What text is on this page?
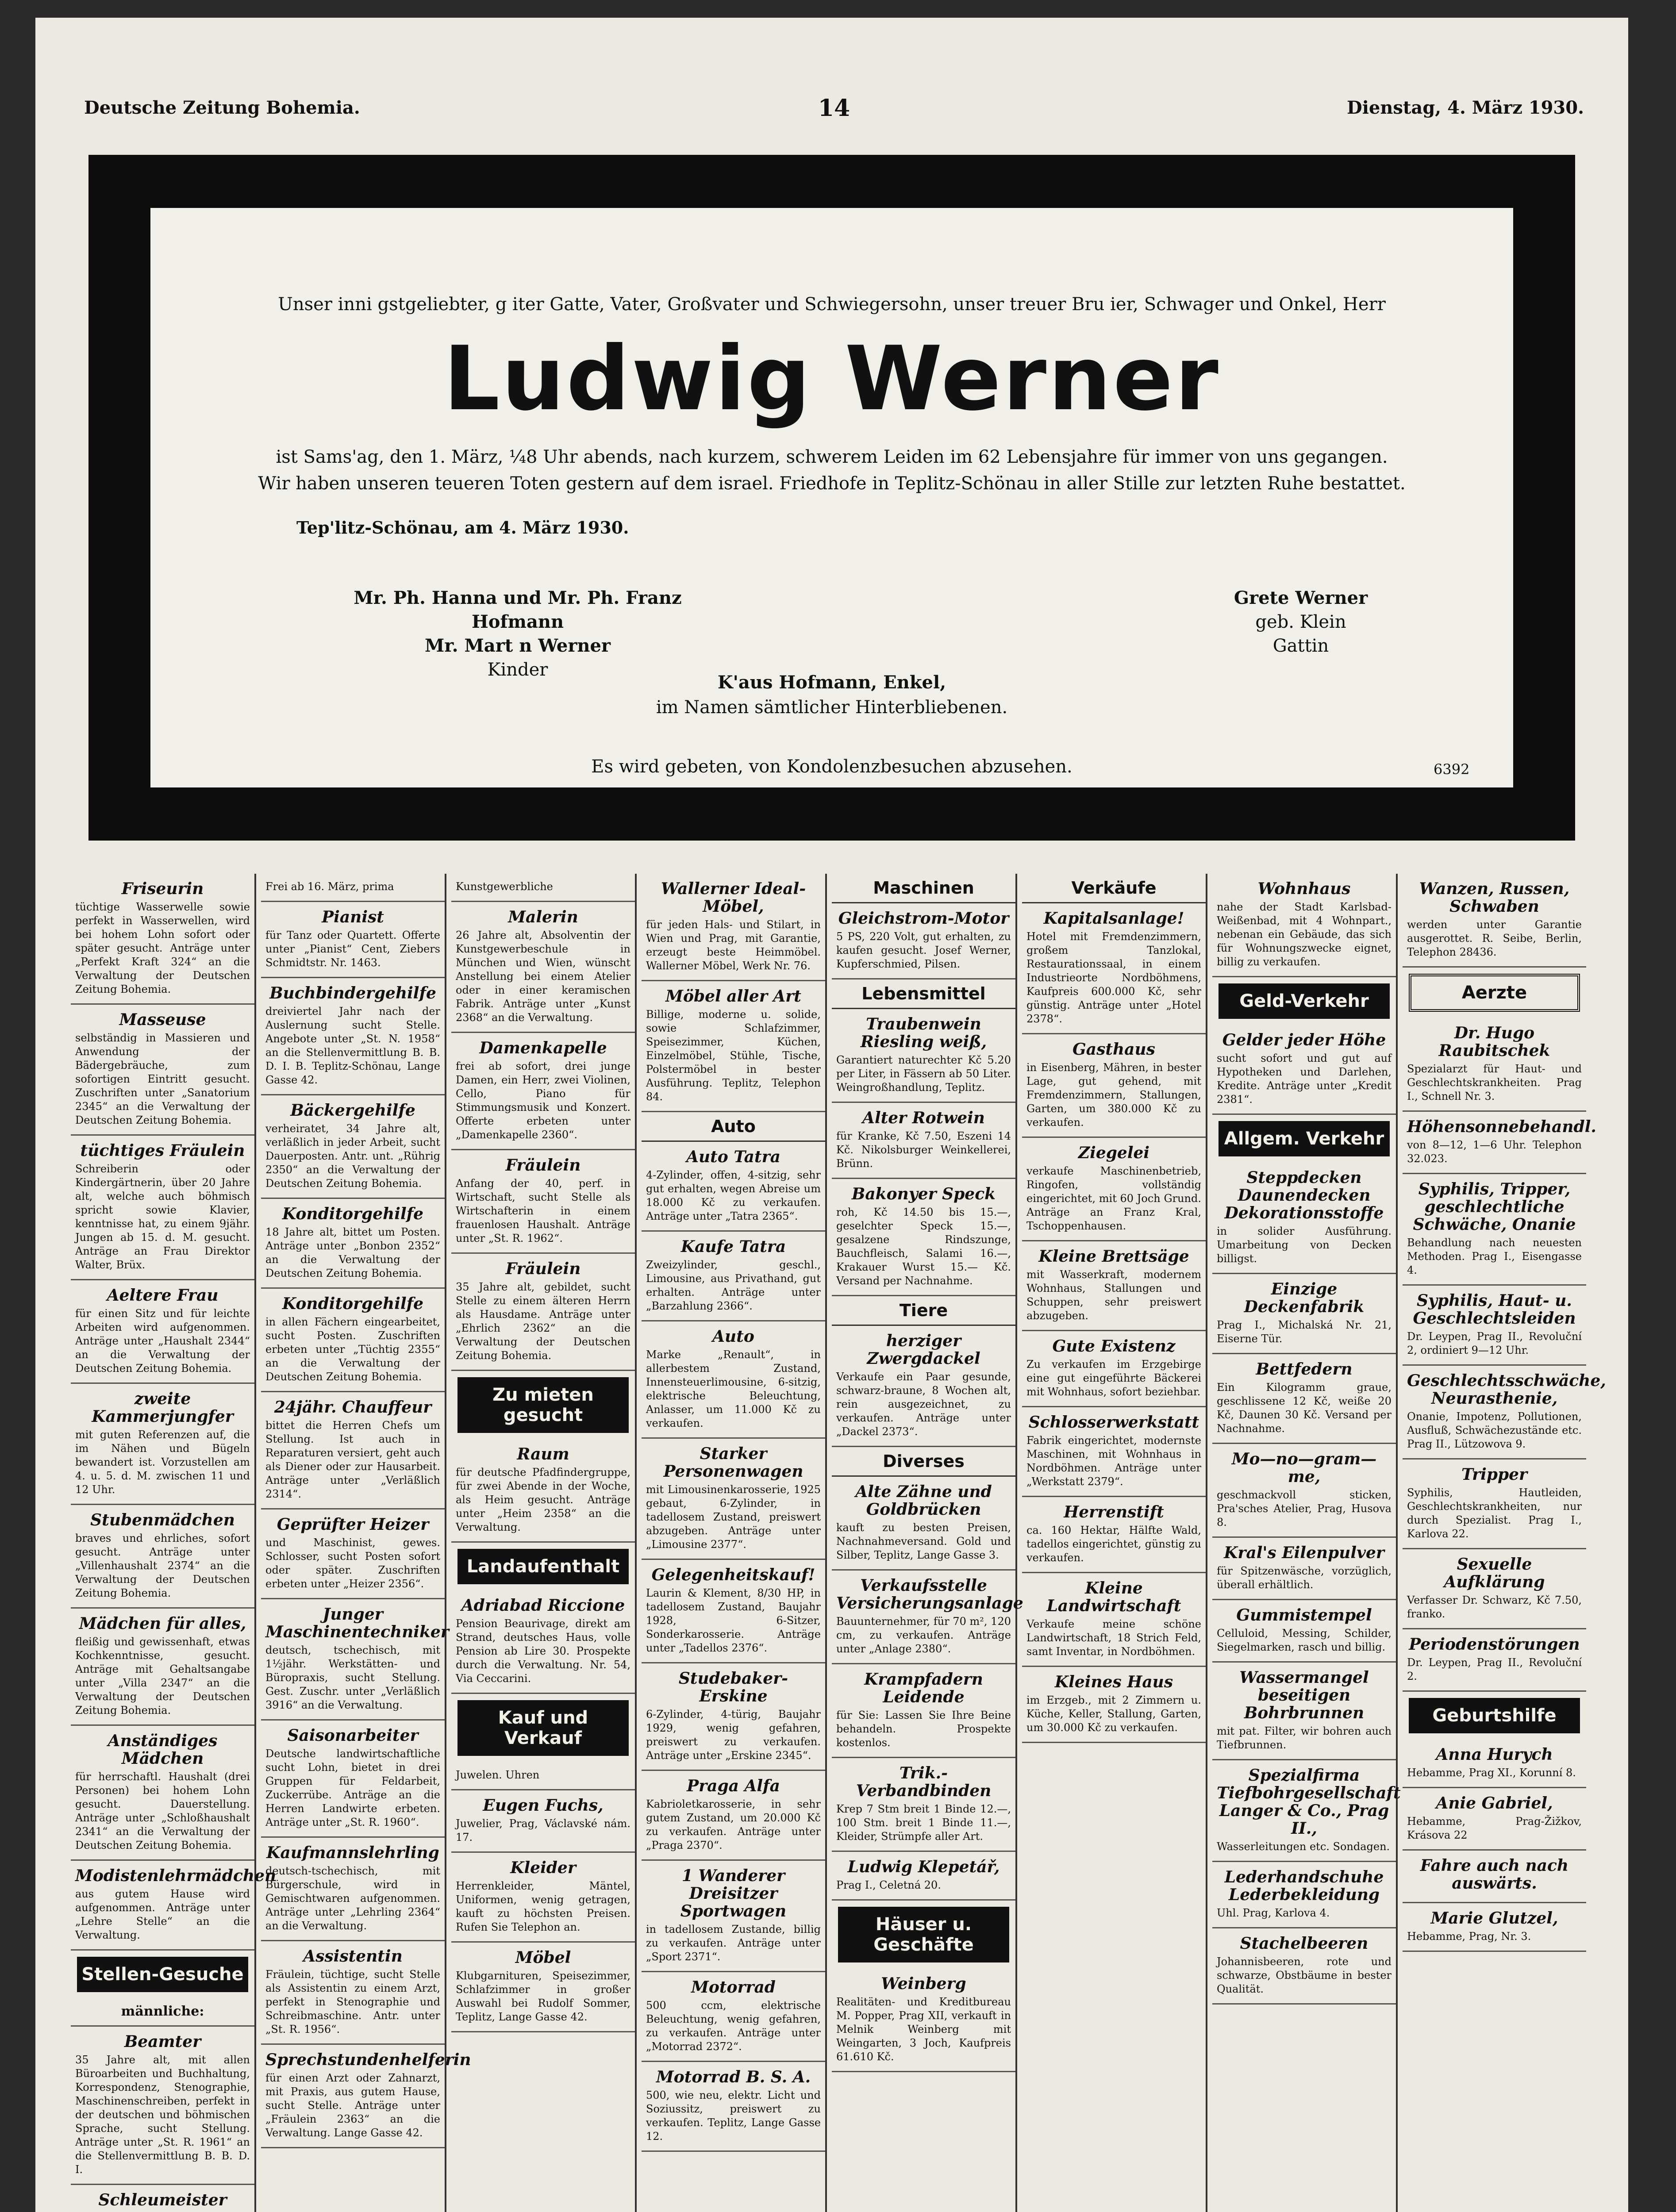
Deutsche Zeitung Bohemia.	14	Dienstag, 4. März 1930.
Unser inni gstgeliebter, g iter Gatte, Vater, Großvater und Schwiegersohn, unser treuer Bru ier, Schwager und Onkel, Herr
Ludwig Werner
ist Sams'ag, den 1. März, ¼8 Uhr abends, nach kurzem, schwerem Leiden im 62 Lebensjahre für immer von uns gegangen.
Wir haben unseren teueren Toten gestern auf dem israel. Friedhofe in Teplitz-Schönau in aller Stille zur letzten Ruhe bestattet.
Tep'litz-Schönau, am 4. März 1930.
Mr. Ph. Hanna und Mr. Ph. Franz Hofmann
Mr. Mart n Werner
Kinder
Grete Werner
geb. Klein
Gattin
K'aus Hofmann, Enkel,
im Namen sämtlicher Hinterbliebenen.
Es wird gebeten, von Kondolenzbesuchen abzusehen.	6392
Friseurin
tüchtige Wasserwelle sowie perfekt in Wasserwellen, wird bei hohem Lohn sofort oder später gesucht. Anträge unter „Perfekt Kraft 324“ an die Verwaltung der Deutschen Zeitung Bohemia.
Masseuse
selbständig in Massieren und Anwendung der Bädergebräuche, zum sofortigen Eintritt gesucht. Zuschriften unter „Sanatorium 2345“ an die Verwaltung der Deutschen Zeitung Bohemia.
tüchtiges Fräulein
Schreiberin oder Kindergärtnerin, über 20 Jahre alt, welche auch böhmisch spricht sowie Klavier, kenntnisse hat, zu einem 9jähr. Jungen ab 15. d. M. gesucht. Anträge an Frau Direktor Walter, Brüx.
Aeltere Frau
für einen Sitz und für leichte Arbeiten wird aufgenommen. Anträge unter „Haushalt 2344“ an die Verwaltung der Deutschen Zeitung Bohemia.
zweite Kammerjungfer
mit guten Referenzen auf, die im Nähen und Bügeln bewandert ist. Vorzustellen am 4. u. 5. d. M. zwischen 11 und 12 Uhr.
Stubenmädchen
braves und ehrliches, sofort gesucht. Anträge unter „Villenhaushalt 2374“ an die Verwaltung der Deutschen Zeitung Bohemia.
Mädchen für alles,
fleißig und gewissenhaft, etwas Kochkenntnisse, gesucht. Anträge mit Gehaltsangabe unter „Villa 2347“ an die Verwaltung der Deutschen Zeitung Bohemia.
Anständiges Mädchen
für herrschaftl. Haushalt (drei Personen) bei hohem Lohn gesucht. Dauerstellung. Anträge unter „Schloßhaushalt 2341“ an die Verwaltung der Deutschen Zeitung Bohemia.
Modistenlehrmädchen
aus gutem Hause wird aufgenommen. Anträge unter „Lehre Stelle“ an die Verwaltung.
Stellen-Gesuche
männliche:
Beamter
35 Jahre alt, mit allen Büroarbeiten und Buchhaltung, Korrespondenz, Stenographie, Maschinenschreiben, perfekt in der deutschen und böhmischen Sprache, sucht Stellung. Anträge unter „St. R. 1961“ an die Stellenvermittlung B. B. D. I.
Schleumeister
Frei ab 16. März, prima
Pianist
für Tanz oder Quartett. Offerte unter „Pianist“ Cent, Ziebers Schmidtstr. Nr. 1463.
Buchbindergehilfe
dreiviertel Jahr nach der Auslernung sucht Stelle. Angebote unter „St. N. 1958“ an die Stellenvermittlung B. B. D. I. B. Teplitz-Schönau, Lange Gasse 42.
Bäckergehilfe
verheiratet, 34 Jahre alt, verläßlich in jeder Arbeit, sucht Dauerposten. Antr. unt. „Rührig 2350“ an die Verwaltung der Deutschen Zeitung Bohemia.
Konditorgehilfe
18 Jahre alt, bittet um Posten. Anträge unter „Bonbon 2352“ an die Verwaltung der Deutschen Zeitung Bohemia.
Konditorgehilfe
in allen Fächern eingearbeitet, sucht Posten. Zuschriften erbeten unter „Tüchtig 2355“ an die Verwaltung der Deutschen Zeitung Bohemia.
24jähr. Chauffeur
bittet die Herren Chefs um Stellung. Ist auch in Reparaturen versiert, geht auch als Diener oder zur Hausarbeit. Anträge unter „Verläßlich 2314“.
Geprüfter Heizer
und Maschinist, gewes. Schlosser, sucht Posten sofort oder später. Zuschriften erbeten unter „Heizer 2356“.
Junger Maschinentechniker
deutsch, tschechisch, mit 1½jähr. Werkstätten- und Büropraxis, sucht Stellung. Gest. Zuschr. unter „Verläßlich 3916“ an die Verwaltung.
Saisonarbeiter
Deutsche landwirtschaftliche sucht Lohn, bietet in drei Gruppen für Feldarbeit, Zuckerrübe. Anträge an die Herren Landwirte erbeten. Anträge unter „St. R. 1960“.
Kaufmannslehrling
deutsch-tschechisch, mit Bürgerschule, wird in Gemischtwaren aufgenommen. Anträge unter „Lehrling 2364“ an die Verwaltung.
Assistentin
Fräulein, tüchtige, sucht Stelle als Assistentin zu einem Arzt, perfekt in Stenographie und Schreibmaschine. Antr. unter „St. R. 1956“.
Sprechstundenhelferin
für einen Arzt oder Zahnarzt, mit Praxis, aus gutem Hause, sucht Stelle. Anträge unter „Fräulein 2363“ an die Verwaltung. Lange Gasse 42.
Kunstgewerbliche
Malerin
26 Jahre alt, Absolventin der Kunstgewerbeschule in München und Wien, wünscht Anstellung bei einem Atelier oder in einer keramischen Fabrik. Anträge unter „Kunst 2368“ an die Verwaltung.
Damenkapelle
frei ab sofort, drei junge Damen, ein Herr, zwei Violinen, Cello, Piano für Stimmungsmusik und Konzert. Offerte erbeten unter „Damenkapelle 2360“.
Fräulein
Anfang der 40, perf. in Wirtschaft, sucht Stelle als Wirtschafterin in einem frauenlosen Haushalt. Anträge unter „St. R. 1962“.
Fräulein
35 Jahre alt, gebildet, sucht Stelle zu einem älteren Herrn als Hausdame. Anträge unter „Ehrlich 2362“ an die Verwaltung der Deutschen Zeitung Bohemia.
Zu mieten gesucht
Raum
für deutsche Pfadfindergruppe, für zwei Abende in der Woche, als Heim gesucht. Anträge unter „Heim 2358“ an die Verwaltung.
Landaufenthalt
Adriabad Riccione
Pension Beaurivage, direkt am Strand, deutsches Haus, volle Pension ab Lire 30. Prospekte durch die Verwaltung. Nr. 54, Via Ceccarini.
Kauf und Verkauf
Juwelen. Uhren
Eugen Fuchs,
Juwelier, Prag, Václavské nám. 17.
Kleider
Herrenkleider, Mäntel, Uniformen, wenig getragen, kauft zu höchsten Preisen. Rufen Sie Telephon an.
Möbel
Klubgarnituren, Speisezimmer, Schlafzimmer in großer Auswahl bei Rudolf Sommer, Teplitz, Lange Gasse 42.
Wallerner Ideal-Möbel,
für jeden Hals- und Stilart, in Wien und Prag, mit Garantie, erzeugt beste Heimmöbel. Wallerner Möbel, Werk Nr. 76.
Möbel aller Art
Billige, moderne u. solide, sowie Schlafzimmer, Speisezimmer, Küchen, Einzelmöbel, Stühle, Tische, Polstermöbel in bester Ausführung. Teplitz, Telephon 84.
Auto
Auto Tatra
4-Zylinder, offen, 4-sitzig, sehr gut erhalten, wegen Abreise um 18.000 Kč zu verkaufen. Anträge unter „Tatra 2365“.
Kaufe Tatra
Zweizylinder, geschl., Limousine, aus Privathand, gut erhalten. Anträge unter „Barzahlung 2366“.
Auto
Marke „Renault“, in allerbestem Zustand, Innensteuerlimousine, 6-sitzig, elektrische Beleuchtung, Anlasser, um 11.000 Kč zu verkaufen.
Starker Personenwagen
mit Limousinenkarosserie, 1925 gebaut, 6-Zylinder, in tadellosem Zustand, preiswert abzugeben. Anträge unter „Limousine 2377“.
Gelegenheitskauf!
Laurin & Klement, 8/30 HP, in tadellosem Zustand, Baujahr 1928, 6-Sitzer, Sonderkarosserie. Anträge unter „Tadellos 2376“.
Studebaker-Erskine
6-Zylinder, 4-türig, Baujahr 1929, wenig gefahren, preiswert zu verkaufen. Anträge unter „Erskine 2345“.
Praga Alfa
Kabrioletkarosserie, in sehr gutem Zustand, um 20.000 Kč zu verkaufen. Anträge unter „Praga 2370“.
1 Wanderer Dreisitzer Sportwagen
in tadellosem Zustande, billig zu verkaufen. Anträge unter „Sport 2371“.
Motorrad
500 ccm, elektrische Beleuchtung, wenig gefahren, zu verkaufen. Anträge unter „Motorrad 2372“.
Motorrad B. S. A.
500, wie neu, elektr. Licht und Soziussitz, preiswert zu verkaufen. Teplitz, Lange Gasse 12.
Maschinen
Gleichstrom-Motor
5 PS, 220 Volt, gut erhalten, zu kaufen gesucht. Josef Werner, Kupferschmied, Pilsen.
Lebensmittel
Traubenwein Riesling weiß,
Garantiert naturechter Kč 5.20 per Liter, in Fässern ab 50 Liter. Weingroßhandlung, Teplitz.
Alter Rotwein
für Kranke, Kč 7.50, Eszeni 14 Kč. Nikolsburger Weinkellerei, Brünn.
Bakonyer Speck
roh, Kč 14.50 bis 15.—, geselchter Speck 15.—, gesalzene Rindszunge, Bauchfleisch, Salami 16.—, Krakauer Wurst 15.— Kč. Versand per Nachnahme.
Tiere
herziger Zwergdackel
Verkaufe ein Paar gesunde, schwarz-braune, 8 Wochen alt, rein ausgezeichnet, zu verkaufen. Anträge unter „Dackel 2373“.
Diverses
Alte Zähne und Goldbrücken
kauft zu besten Preisen, Nachnahmeversand. Gold und Silber, Teplitz, Lange Gasse 3.
Verkaufsstelle Versicherungsanlage
Bauunternehmer, für 70 m², 120 cm, zu verkaufen. Anträge unter „Anlage 2380“.
Krampfadern Leidende
für Sie: Lassen Sie Ihre Beine behandeln. Prospekte kostenlos.
Trik.-Verbandbinden
Krep 7 Stm breit 1 Binde 12.—, 100 Stm. breit 1 Binde 11.—, Kleider, Strümpfe aller Art.
Ludwig Klepetář,
Prag I., Celetná 20.
Häuser u. Geschäfte
Weinberg
Realitäten- und Kreditbureau M. Popper, Prag XII, verkauft in Melnik Weinberg mit Weingarten, 3 Joch, Kaufpreis 61.610 Kč.
Verkäufe
Kapitalsanlage!
Hotel mit Fremdenzimmern, großem Tanzlokal, Restaurationssaal, in einem Industrieorte Nordböhmens, Kaufpreis 600.000 Kč, sehr günstig. Anträge unter „Hotel 2378“.
Gasthaus
in Eisenberg, Mähren, in bester Lage, gut gehend, mit Fremdenzimmern, Stallungen, Garten, um 380.000 Kč zu verkaufen.
Ziegelei
verkaufe Maschinenbetrieb, Ringofen, vollständig eingerichtet, mit 60 Joch Grund. Anträge an Franz Kral, Tschoppenhausen.
Kleine Brettsäge
mit Wasserkraft, modernem Wohnhaus, Stallungen und Schuppen, sehr preiswert abzugeben.
Gute Existenz
Zu verkaufen im Erzgebirge eine gut eingeführte Bäckerei mit Wohnhaus, sofort beziehbar.
Schlosserwerkstatt
Fabrik eingerichtet, modernste Maschinen, mit Wohnhaus in Nordböhmen. Anträge unter „Werkstatt 2379“.
Herrenstift
ca. 160 Hektar, Hälfte Wald, tadellos eingerichtet, günstig zu verkaufen.
Kleine Landwirtschaft
Verkaufe meine schöne Landwirtschaft, 18 Strich Feld, samt Inventar, in Nordböhmen.
Kleines Haus
im Erzgeb., mit 2 Zimmern u. Küche, Keller, Stallung, Garten, um 30.000 Kč zu verkaufen.
Wohnhaus
nahe der Stadt Karlsbad-Weißenbad, mit 4 Wohnpart., nebenan ein Gebäude, das sich für Wohnungszwecke eignet, billig zu verkaufen.
Geld-Verkehr
Gelder jeder Höhe
sucht sofort und gut auf Hypotheken und Darlehen, Kredite. Anträge unter „Kredit 2381“.
Allgem. Verkehr
Steppdecken Daunendecken Dekorationsstoffe
in solider Ausführung. Umarbeitung von Decken billigst.
Einzige Deckenfabrik
Prag I., Michalská Nr. 21, Eiserne Tür.
Bettfedern
Ein Kilogramm graue, geschlissene 12 Kč, weiße 20 Kč, Daunen 30 Kč. Versand per Nachnahme.
Mo—no—gram—me,
geschmackvoll sticken, Pra'sches Atelier, Prag, Husova 8.
Kral's Eilenpulver
für Spitzenwäsche, vorzüglich, überall erhältlich.
Gummistempel
Celluloid, Messing, Schilder, Siegelmarken, rasch und billig.
Wassermangel beseitigen Bohrbrunnen
mit pat. Filter, wir bohren auch Tiefbrunnen.
Spezialfirma Tiefbohrgesellschaft Langer & Co., Prag II.,
Wasserleitungen etc. Sondagen.
Lederhandschuhe Lederbekleidung
Uhl. Prag, Karlova 4.
Stachelbeeren
Johannisbeeren, rote und schwarze, Obstbäume in bester Qualität.
Wanzen, Russen, Schwaben
werden unter Garantie ausgerottet. R. Seibe, Berlin, Telephon 28436.
Aerzte
Dr. Hugo Raubitschek
Spezialarzt für Haut- und Geschlechtskrankheiten. Prag I., Schnell Nr. 3.
Höhensonnebehandl.
von 8—12, 1—6 Uhr. Telephon 32.023.
Syphilis, Tripper, geschlechtliche Schwäche, Onanie
Behandlung nach neuesten Methoden. Prag I., Eisengasse 4.
Syphilis, Haut- u. Geschlechtsleiden
Dr. Leypen, Prag II., Revoluční 2, ordiniert 9—12 Uhr.
Geschlechtsschwäche, Neurasthenie,
Onanie, Impotenz, Pollutionen, Ausfluß, Schwächezustände etc. Prag II., Lützowova 9.
Tripper
Syphilis, Hautleiden, Geschlechtskrankheiten, nur durch Spezialist. Prag I., Karlova 22.
Sexuelle Aufklärung
Verfasser Dr. Schwarz, Kč 7.50, franko.
Periodenstörungen
Dr. Leypen, Prag II., Revoluční 2.
Geburtshilfe
Anna Hurych
Hebamme, Prag XI., Korunní 8.
Anie Gabriel,
Hebamme, Prag-Žižkov, Krásova 22
Fahre auch nach auswärts.
Marie Glutzel,
Hebamme, Prag, Nr. 3.
